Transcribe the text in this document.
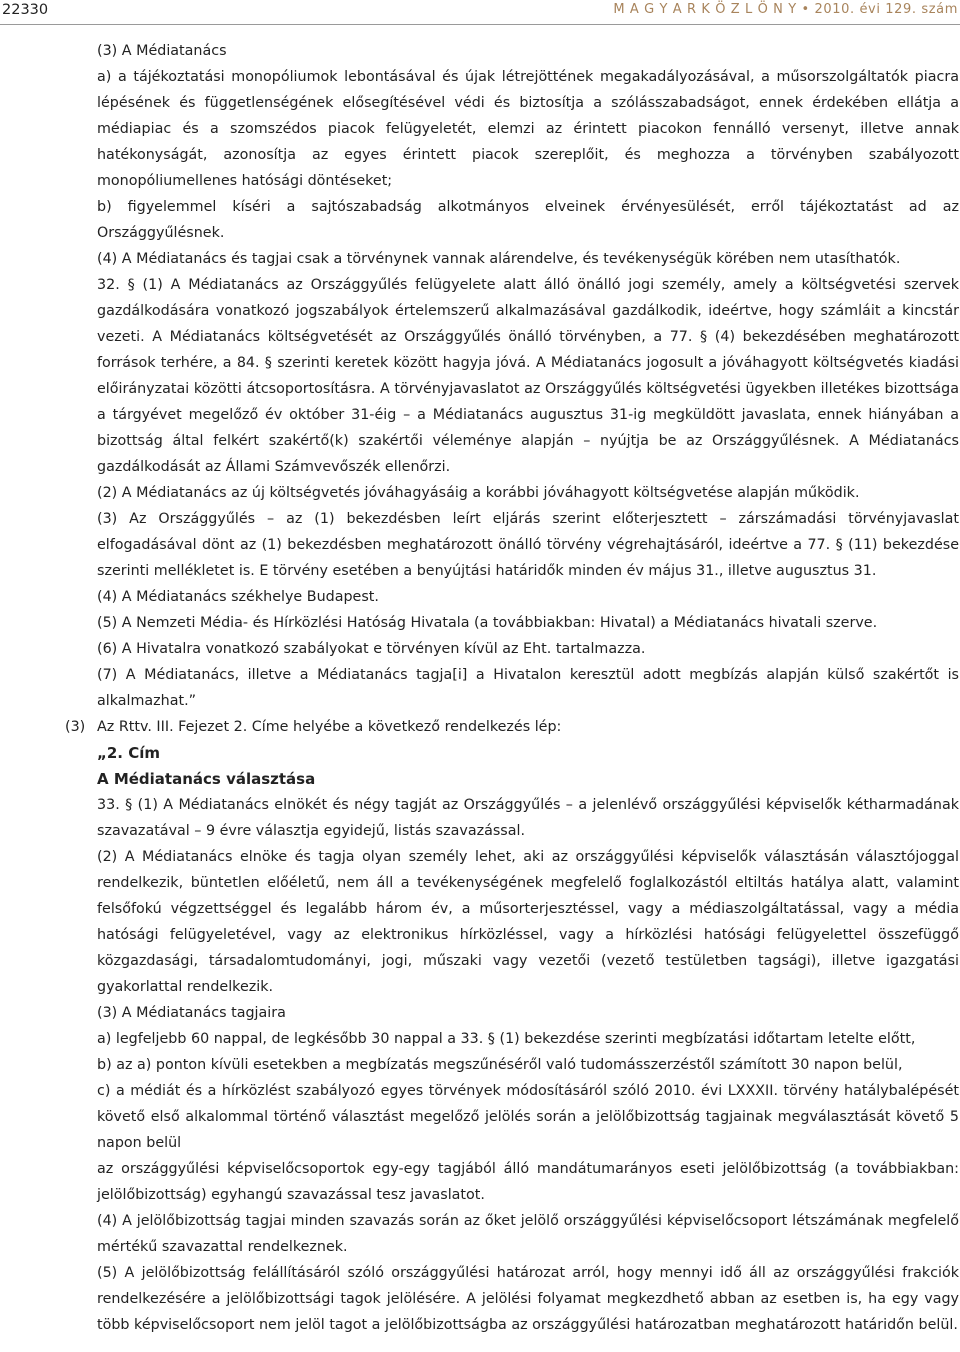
22330	M A G Y A R K Ö Z L Ö N Y • 2010. évi 129. szám

(3) A Médiatanács

a) a tájékoztatási monopóliumok lebontásával és újak létrejöttének megakadályozásával, a műsorszolgáltatók piacra lépésének és függetlenségének elősegítésével védi és biztosítja a szólásszabadságot, ennek érdekében ellátja a médiapiac és a szomszédos piacok felügyeletét, elemzi az érintett piacokon fennálló versenyt, illetve annak hatékonyságát, azonosítja az egyes érintett piacok szereplőit, és meghozza a törvényben szabályozott monopóliumellenes hatósági döntéseket;

b) figyelemmel kíséri a sajtószabadság alkotmányos elveinek érvényesülését, erről tájékoztatást ad az Országgyűlésnek.

(4) A Médiatanács és tagjai csak a törvénynek vannak alárendelve, és tevékenységük körében nem utasíthatók.

32. § (1) A Médiatanács az Országgyűlés felügyelete alatt álló önálló jogi személy, amely a költségvetési szervek gazdálkodására vonatkozó jogszabályok értelemszerű alkalmazásával gazdálkodik, ideértve, hogy számláit a kincstár vezeti. A Médiatanács költségvetését az Országgyűlés önálló törvényben, a 77. § (4) bekezdésében meghatározott források terhére, a 84. § szerinti keretek között hagyja jóvá. A Médiatanács jogosult a jóváhagyott költségvetés kiadási előirányzatai közötti átcsoportosításra. A törvényjavaslatot az Országgyűlés költségvetési ügyekben illetékes bizottsága a tárgyévet megelőző év október 31-éig – a Médiatanács augusztus 31-ig megküldött javaslata, ennek hiányában a bizottság által felkért szakértő(k) szakértői véleménye alapján – nyújtja be az Országgyűlésnek. A Médiatanács gazdálkodását az Állami Számvevőszék ellenőrzi.

(2) A Médiatanács az új költségvetés jóváhagyásáig a korábbi jóváhagyott költségvetése alapján működik.

(3) Az Országgyűlés – az (1) bekezdésben leírt eljárás szerint előterjesztett – zárszámadási törvényjavaslat elfogadásával dönt az (1) bekezdésben meghatározott önálló törvény végrehajtásáról, ideértve a 77. § (11) bekezdése szerinti mellékletet is. E törvény esetében a benyújtási határidők minden év május 31., illetve augusztus 31.

(4) A Médiatanács székhelye Budapest.

(5) A Nemzeti Média- és Hírközlési Hatóság Hivatala (a továbbiakban: Hivatal) a Médiatanács hivatali szerve.

(6) A Hivatalra vonatkozó szabályokat e törvényen kívül az Eht. tartalmazza.

(7) A Médiatanács, illetve a Médiatanács tagja[i] a Hivatalon keresztül adott megbízás alapján külső szakértőt is alkalmazhat.”

(3) Az Rttv. III. Fejezet 2. Címe helyébe a következő rendelkezés lép:

„2. Cím

A Médiatanács választása

33. § (1) A Médiatanács elnökét és négy tagját az Országgyűlés – a jelenlévő országgyűlési képviselők kétharmadának szavazatával – 9 évre választja egyidejű, listás szavazással.

(2) A Médiatanács elnöke és tagja olyan személy lehet, aki az országgyűlési képviselők választásán választójoggal rendelkezik, büntetlen előéletű, nem áll a tevékenységének megfelelő foglalkozástól eltiltás hatálya alatt, valamint felsőfokú végzettséggel és legalább három év, a műsorterjesztéssel, vagy a médiaszolgáltatással, vagy a média hatósági felügyeletével, vagy az elektronikus hírközléssel, vagy a hírközlési hatósági felügyelettel összefüggő közgazdasági, társadalomtudományi, jogi, műszaki vagy vezetői (vezető testületben tagsági), illetve igazgatási gyakorlattal rendelkezik.

(3) A Médiatanács tagjaira

a) legfeljebb 60 nappal, de legkésőbb 30 nappal a 33. § (1) bekezdése szerinti megbízatási időtartam letelte előtt,

b) az a) ponton kívüli esetekben a megbízatás megszűnéséről való tudomásszerzéstől számított 30 napon belül,

c) a médiát és a hírközlést szabályozó egyes törvények módosításáról szóló 2010. évi LXXXII. törvény hatálybalépését követő első alkalommal történő választást megelőző jelölés során a jelölőbizottság tagjainak megválasztását követő 5 napon belül

az országgyűlési képviselőcsoportok egy-egy tagjából álló mandátumarányos eseti jelölőbizottság (a továbbiakban: jelölőbizottság) egyhangú szavazással tesz javaslatot.

(4) A jelölőbizottság tagjai minden szavazás során az őket jelölő országgyűlési képviselőcsoport létszámának megfelelő mértékű szavazattal rendelkeznek.

(5) A jelölőbizottság felállításáról szóló országgyűlési határozat arról, hogy mennyi idő áll az országgyűlési frakciók rendelkezésére a jelölőbizottsági tagok jelölésére. A jelölési folyamat megkezdhető abban az esetben is, ha egy vagy több képviselőcsoport nem jelöl tagot a jelölőbizottságba az országgyűlési határozatban meghatározott határidőn belül.
